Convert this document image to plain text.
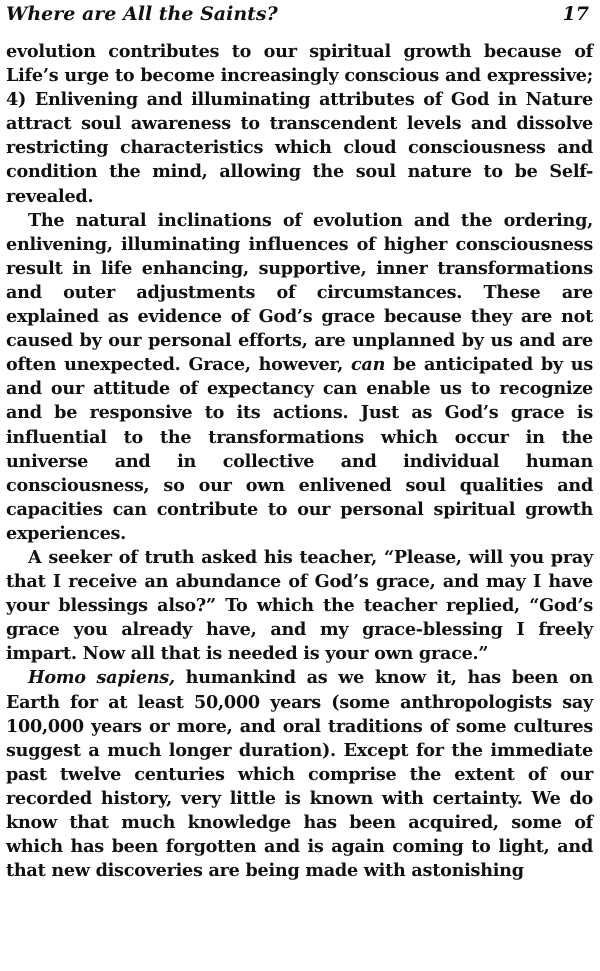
Where are All the Saints?	17

evolution contributes to our spiritual growth because of Life’s urge to become increasingly conscious and expressive; 4) Enlivening and illuminating attributes of God in Nature attract soul awareness to transcendent levels and dissolve restricting characteristics which cloud consciousness and condition the mind, allowing the soul nature to be Self-revealed.

The natural inclinations of evolution and the ordering, enlivening, illuminating influences of higher consciousness result in life enhancing, supportive, inner transformations and outer adjustments of circumstances. These are explained as evidence of God’s grace because they are not caused by our personal efforts, are unplanned by us and are often unexpected. Grace, however, can be anticipated by us and our attitude of expectancy can enable us to recognize and be responsive to its actions. Just as God’s grace is influential to the transformations which occur in the universe and in collective and individual human consciousness, so our own enlivened soul qualities and capacities can contribute to our personal spiritual growth experiences.

A seeker of truth asked his teacher, “Please, will you pray that I receive an abundance of God’s grace, and may I have your blessings also?” To which the teacher replied, “God’s grace you already have, and my grace-blessing I freely impart. Now all that is needed is your own grace.”

Homo sapiens, humankind as we know it, has been on Earth for at least 50,000 years (some anthropologists say 100,000 years or more, and oral traditions of some cultures suggest a much longer duration). Except for the immediate past twelve centuries which comprise the extent of our recorded history, very little is known with certainty. We do know that much knowledge has been acquired, some of which has been forgotten and is again coming to light, and that new discoveries are being made with astonishing
